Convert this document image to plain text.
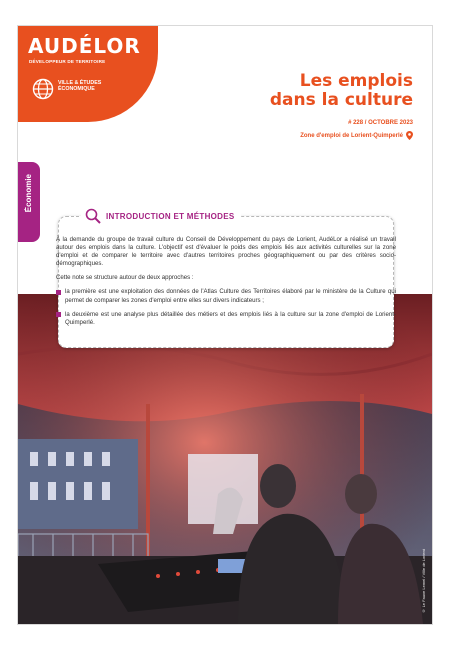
AUDÉLOR
DÉVELOPPEUR DE TERRITOIRE
VILLE & ÉTUDES ÉCONOMIQUE	Les emplois
dans la culture
# 228 / OCTOBRE 2023
Zone d'emploi de Lorient-Quimperlé
Économie
INTRODUCTION ET MÉTHODES

À la demande du groupe de travail culture du Conseil de Développement du pays de Lorient, AudéLor a réalisé un travail autour des emplois dans la culture. L'objectif est d'évaluer le poids des emplois liés aux activités culturelles sur la zone d'emploi et de comparer le territoire avec d'autres territoires proches géographiquement ou par des critères socio-démographiques.

Cette note se structure autour de deux approches :

la première est une exploitation des données de l'Atlas Culture des Territoires élaboré par le ministère de la Culture qui permet de comparer les zones d'emploi entre elles sur divers indicateurs ;

la deuxième est une analyse plus détaillée des métiers et des emplois liés à la culture sur la zone d'emploi de Lorient-Quimperlé.

© Le Fauve Lemel / Ville de Lorient
